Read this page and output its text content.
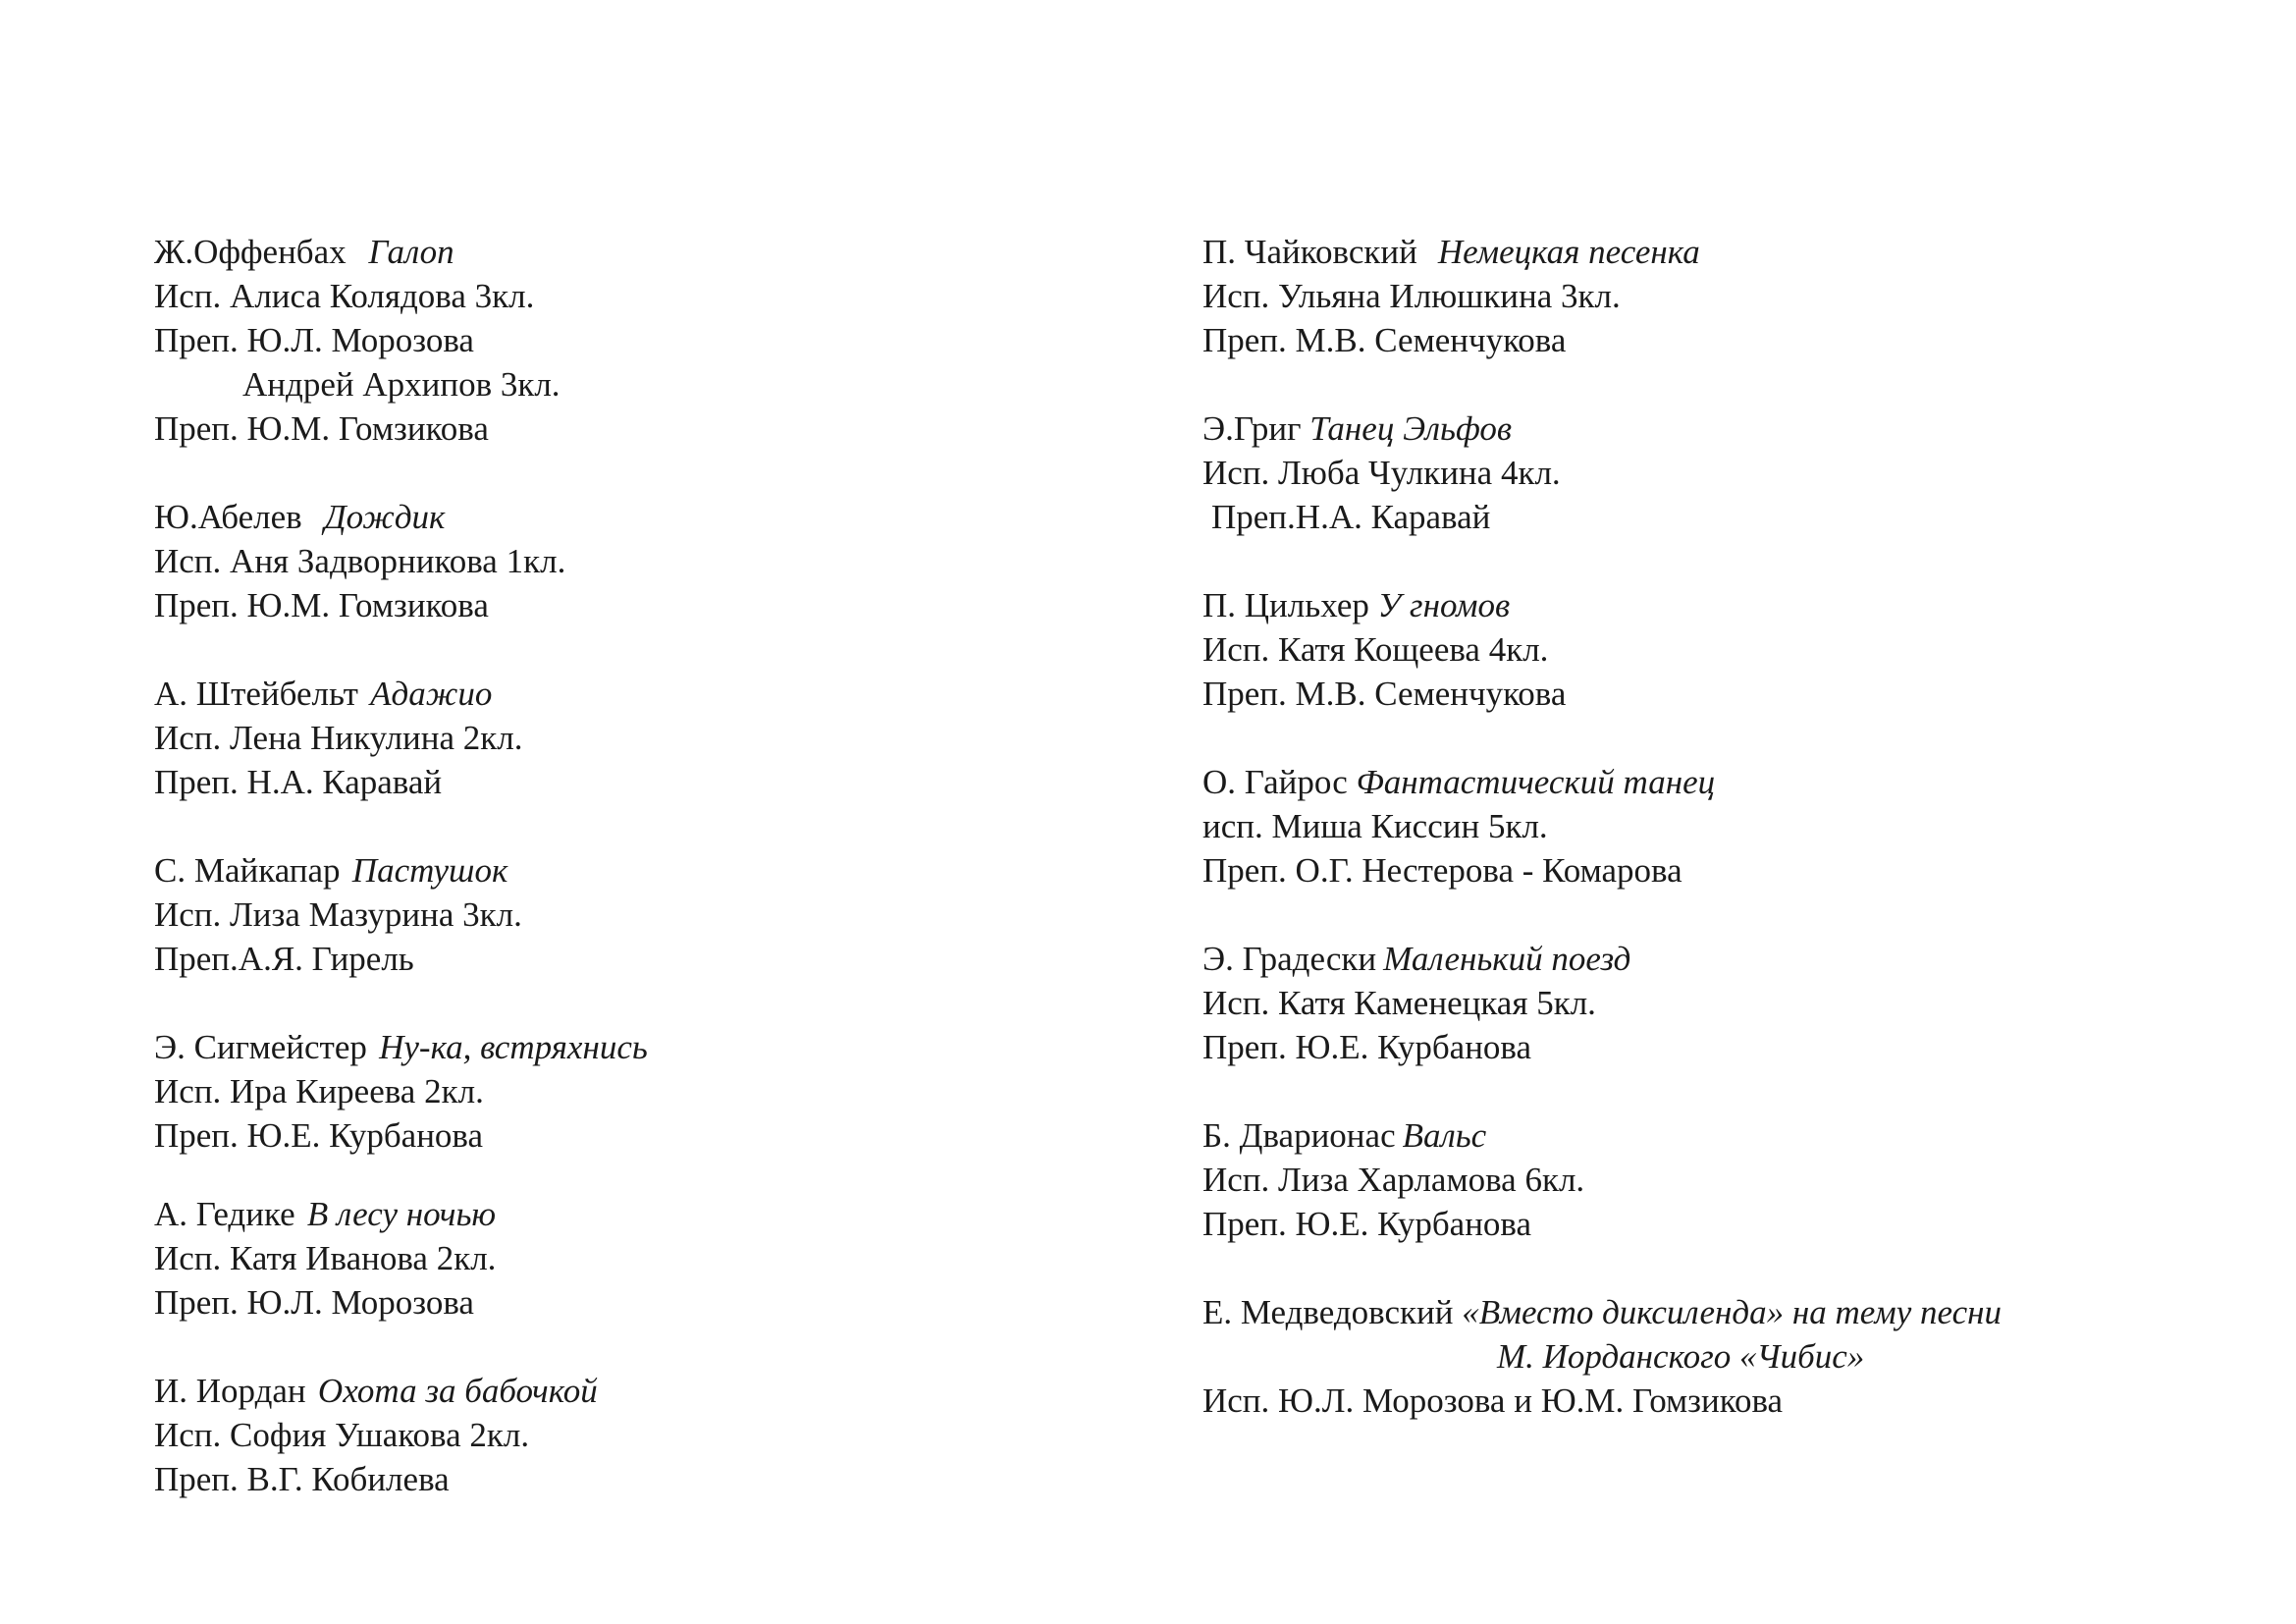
Ж.Оффенбах Галоп
Исп. Алиса Колядова 3кл.
Преп. Ю.Л. Морозова
Андрей Архипов 3кл.
Преп. Ю.М. Гомзикова
Ю.Абелев Дождик
Исп. Аня Задворникова 1кл.
Преп. Ю.М. Гомзикова
А. Штейбельт Адажио
Исп. Лена Никулина 2кл.
Преп. Н.А. Каравай
С. Майкапар Пастушок
Исп. Лиза Мазурина 3кл.
Преп.А.Я. Гирель
Э. Сигмейстер Ну-ка, встряхнись
Исп. Ира Киреева 2кл.
Преп. Ю.Е. Курбанова
А. Гедике В лесу ночью
Исп. Катя Иванова 2кл.
Преп. Ю.Л. Морозова
И. Иордан Охота за бабочкой
Исп. София Ушакова 2кл.
Преп. В.Г. Кобилева
П. Чайковский Немецкая песенка
Исп. Ульяна Илюшкина 3кл.
Преп. М.В. Семенчукова
Э.Григ Танец Эльфов
Исп. Люба Чулкина 4кл.
Преп.Н.А. Каравай
П. Цильхер У гномов
Исп. Катя Кощеева 4кл.
Преп. М.В. Семенчукова
О. Гайрос Фантастический танец
исп. Миша Киссин 5кл.
Преп. О.Г. Нестерова - Комарова
Э. Градески Маленький поезд
Исп. Катя Каменецкая 5кл.
Преп. Ю.Е. Курбанова
Б. Дварионас Вальс
Исп. Лиза Харламова 6кл.
Преп. Ю.Е. Курбанова
Е. Медведовский «Вместо диксиленда» на тему песни
М. Иорданского «Чибис»
Исп. Ю.Л. Морозова и Ю.М. Гомзикова
